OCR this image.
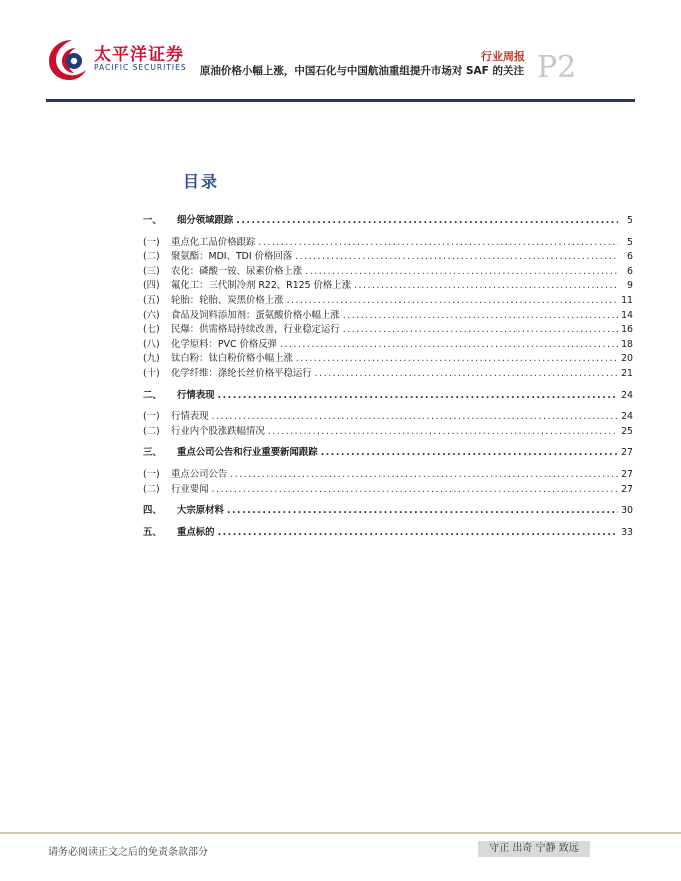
太平洋证券
PACIFIC SECURITIES
行业周报
原油价格小幅上涨，中国石化与中国航油重组提升市场对 SAF 的关注 P2
目录
一、	细分领域跟踪 .....	5
(一)	重点化工品价格跟踪 .....	5
(二)	聚氨酯：MDI、TDI 价格回落 .....	6
(三)	农化：磷酸一铵、尿素价格上涨 .....	6
(四)	氟化工：三代制冷剂 R22、R125 价格上涨 .....	9
(五)	轮胎：轮胎、炭黑价格上涨 .....	11
(六)	食品及饲料添加剂：蛋氨酸价格小幅上涨 .....	14
(七)	民爆：供需格局持续改善，行业稳定运行 .....	16
(八)	化学原料：PVC 价格反弹 .....	18
(九)	钛白粉：钛白粉价格小幅上涨 .....	20
(十)	化学纤维：涤纶长丝价格平稳运行 .....	21
二、	行情表现 .....	24
(一)	行情表现 .....	24
(二)	行业内个股涨跌幅情况 .....	25
三、	重点公司公告和行业重要新闻跟踪 .....	27
(一)	重点公司公告 .....	27
(二)	行业要闻 .....	27
四、	大宗原材料 .....	30
五、	重点标的 .....	33
请务必阅读正文之后的免责条款部分	守正 出奇 宁静 致远
